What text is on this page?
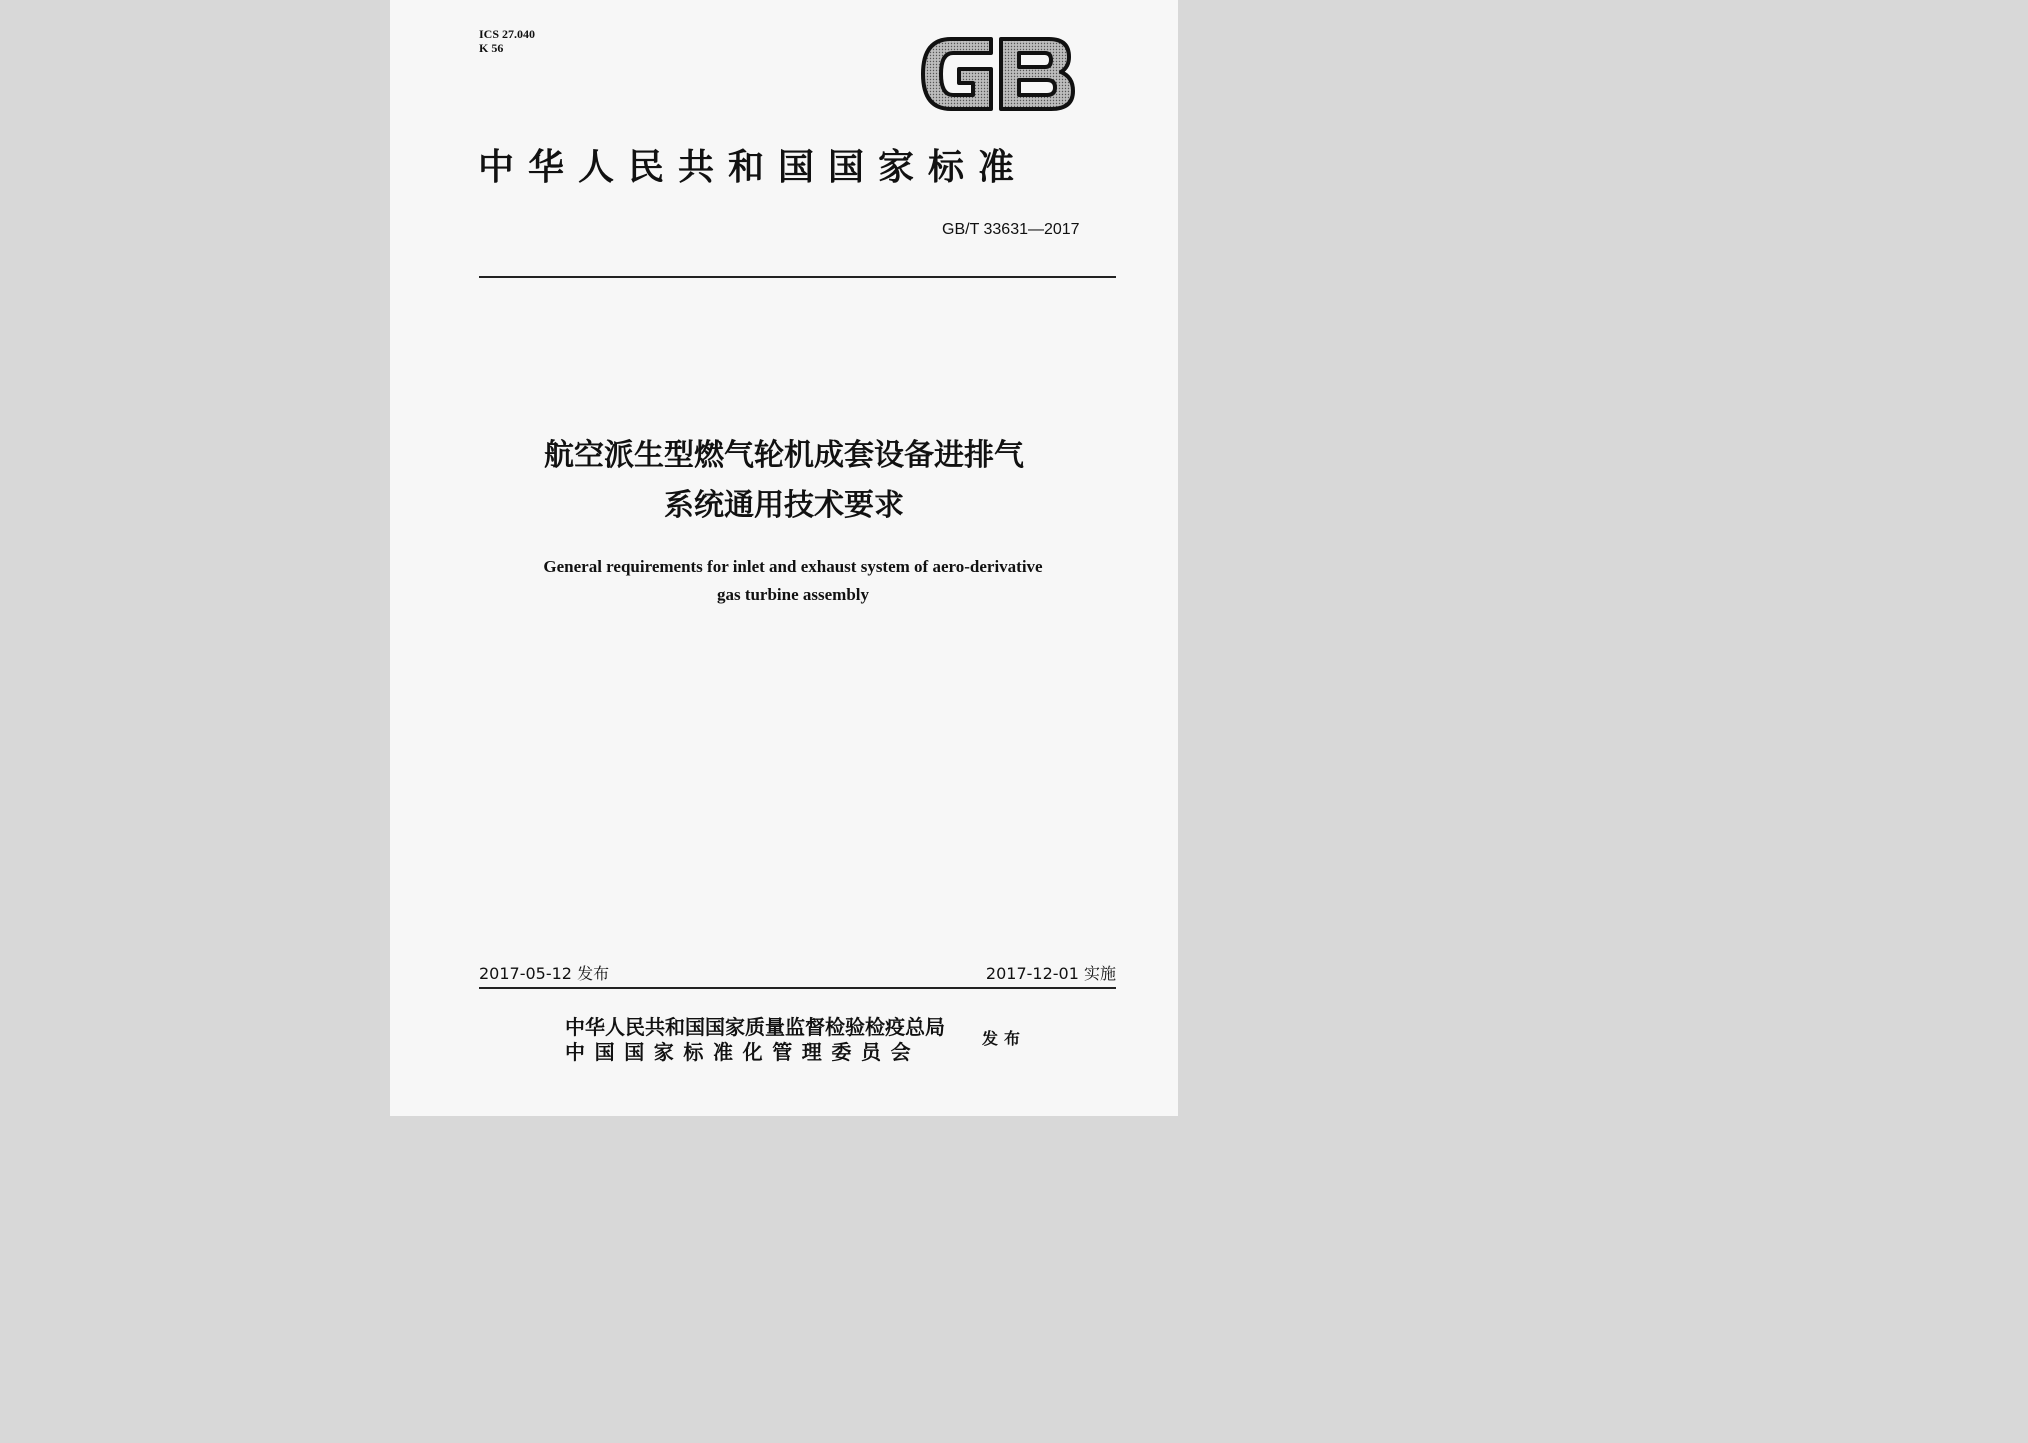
ICS 27.040
K 56
中华人民共和国国家标准
GB/T 33631—2017
航空派生型燃气轮机成套设备进排气
系统通用技术要求
General requirements for inlet and exhaust system of aero-derivative
gas turbine assembly
2017-05-12 发布	2017-12-01 实施
中华人民共和国国家质量监督检验检疫总局
中国国家标准化管理委员会
发布
